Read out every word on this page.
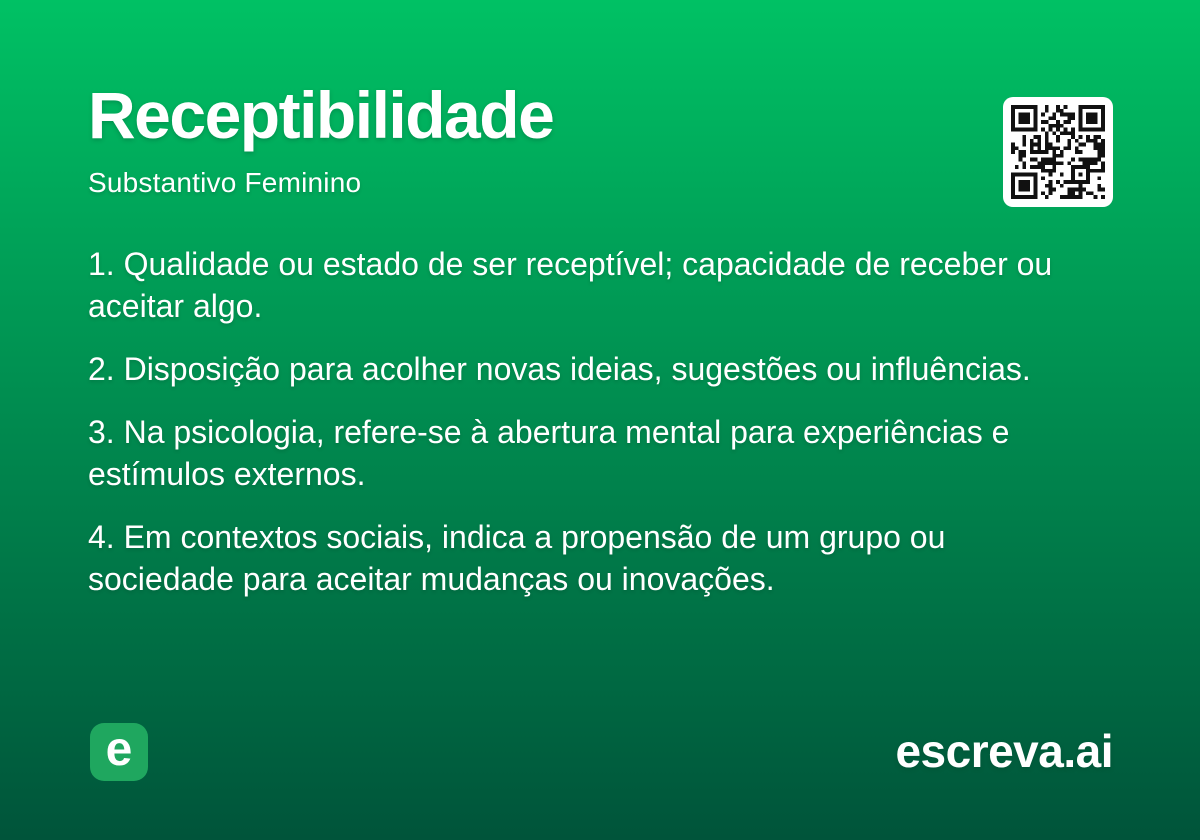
Receptibilidade
Substantivo Feminino

1. Qualidade ou estado de ser receptível; capacidade de receber ou aceitar algo.

2. Disposição para acolher novas ideias, sugestões ou influências.

3. Na psicologia, refere-se à abertura mental para experiências e estímulos externos.

4. Em contextos sociais, indica a propensão de um grupo ou sociedade para aceitar mudanças ou inovações.

e	escreva.ai
